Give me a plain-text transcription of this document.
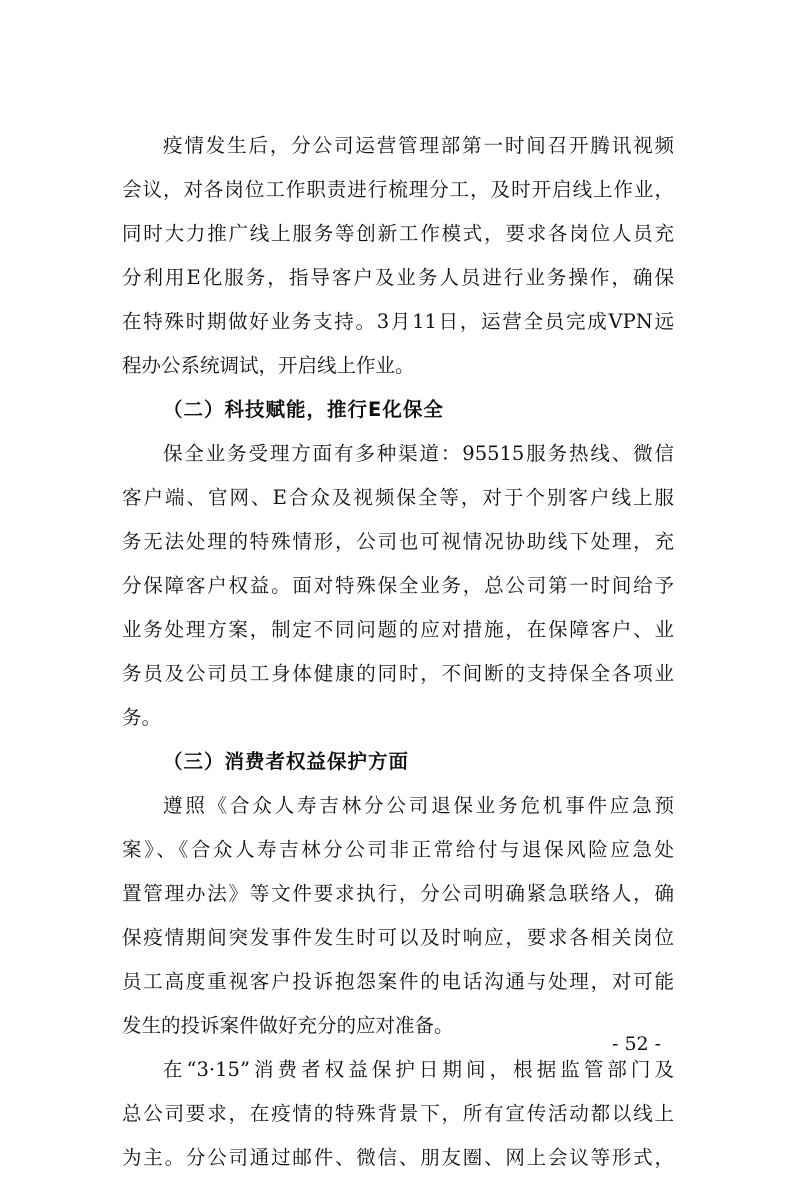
疫情发生后，分公司运营管理部第一时间召开腾讯视频
会议，对各岗位工作职责进行梳理分工，及时开启线上作业，
同时大力推广线上服务等创新工作模式，要求各岗位人员充
分利用E化服务，指导客户及业务人员进行业务操作，确保
在特殊时期做好业务支持。3月11日，运营全员完成VPN远
程办公系统调试，开启线上作业。
（二）科技赋能，推行E化保全
保全业务受理方面有多种渠道：95515服务热线、微信
客户端、官网、E合众及视频保全等，对于个别客户线上服
务无法处理的特殊情形，公司也可视情况协助线下处理，充
分保障客户权益。面对特殊保全业务，总公司第一时间给予
业务处理方案，制定不同问题的应对措施，在保障客户、业
务员及公司员工身体健康的同时，不间断的支持保全各项业
务。
（三）消费者权益保护方面
遵照《合众人寿吉林分公司退保业务危机事件应急预
案》、《合众人寿吉林分公司非正常给付与退保风险应急处
置管理办法》等文件要求执行，分公司明确紧急联络人，确
保疫情期间突发事件发生时可以及时响应，要求各相关岗位
员工高度重视客户投诉抱怨案件的电话沟通与处理，对可能
发生的投诉案件做好充分的应对准备。
在“3·15”消费者权益保护日期间，根据监管部门及
总公司要求，在疫情的特殊背景下，所有宣传活动都以线上
为主。分公司通过邮件、微信、朋友圈、网上会议等形式，
- 52 -
